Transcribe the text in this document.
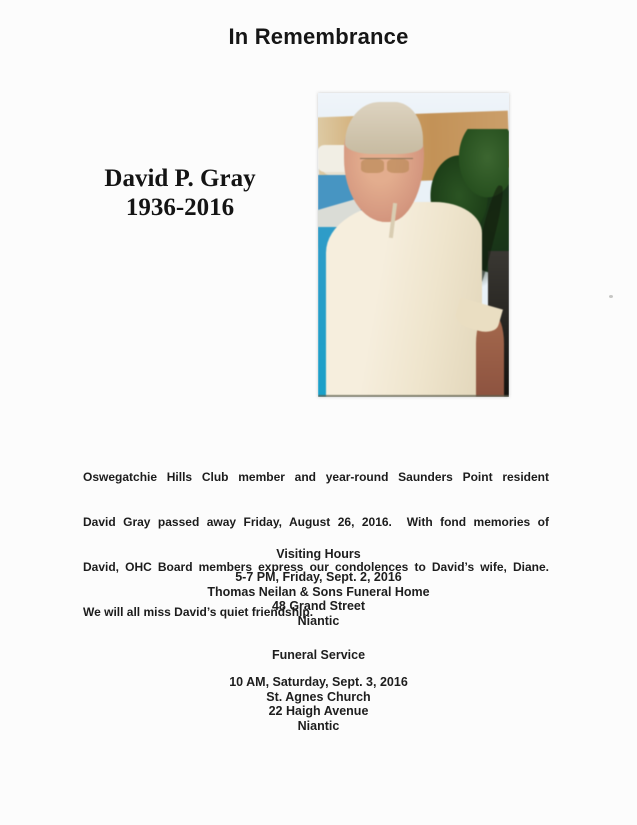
In Remembrance
David P. Gray
1936-2016

Oswegatchie Hills Club member and year-round Saunders Point resident

David Gray passed away Friday, August 26, 2016.  With fond memories of

David, OHC Board members express our condolences to David’s wife, Diane.

We will all miss David’s quiet friendship.

Visiting Hours
5-7 PM, Friday, Sept. 2, 2016
Thomas Neilan & Sons Funeral Home
48 Grand Street
Niantic
Funeral Service
10 AM, Saturday, Sept. 3, 2016
St. Agnes Church
22 Haigh Avenue
Niantic
